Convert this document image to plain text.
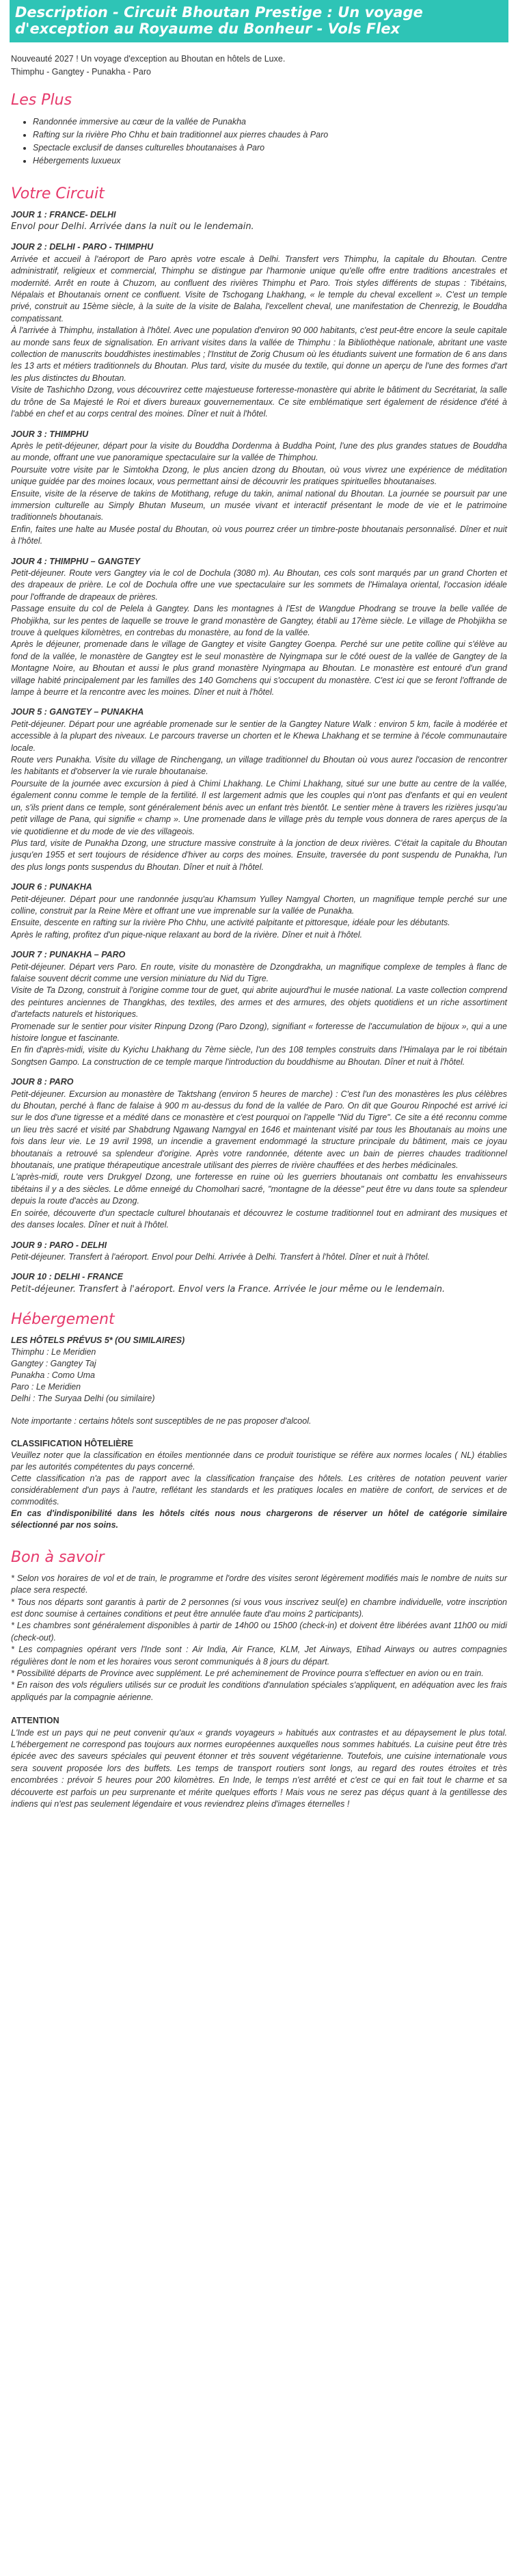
Description - Circuit Bhoutan Prestige : Un voyage d'exception au Royaume du Bonheur - Vols Flex

Nouveauté 2027 ! Un voyage d'exception au Bhoutan en hôtels de Luxe.

Thimphu - Gangtey - Punakha - Paro

Les Plus
• Randonnée immersive au cœur de la vallée de Punakha
• Rafting sur la rivière Pho Chhu et bain traditionnel aux pierres chaudes à Paro
• Spectacle exclusif de danses culturelles bhoutanaises à Paro
• Hébergements luxueux
Votre Circuit

JOUR 1 : FRANCE- DELHI

Envol pour Delhi. Arrivée dans la nuit ou le lendemain.

JOUR 2 : DELHI - PARO - THIMPHU

Arrivée et accueil à l'aéroport de Paro après votre escale à Delhi. Transfert vers Thimphu, la capitale du Bhoutan. Centre administratif, religieux et commercial, Thimphu se distingue par l'harmonie unique qu'elle offre entre traditions ancestrales et modernité. Arrêt en route à Chuzom, au confluent des rivières Thimphu et Paro. Trois styles différents de stupas : Tibétains, Népalais et Bhoutanais ornent ce confluent. Visite de Tschogang Lhakhang, « le temple du cheval excellent ». C'est un temple privé, construit au 15ème siècle, à la suite de la visite de Balaha, l'excellent cheval, une manifestation de Chenrezig, le Bouddha compatissant.

À l'arrivée à Thimphu, installation à l'hôtel. Avec une population d'environ 90 000 habitants, c'est peut-être encore la seule capitale au monde sans feux de signalisation. En arrivant visites dans la vallée de Thimphu : la Bibliothèque nationale, abritant une vaste collection de manuscrits bouddhistes inestimables ; l'Institut de Zorig Chusum où les étudiants suivent une formation de 6 ans dans les 13 arts et métiers traditionnels du Bhoutan. Plus tard, visite du musée du textile, qui donne un aperçu de l'une des formes d'art les plus distinctes du Bhoutan.

Visite de Tashichho Dzong, vous découvrirez cette majestueuse forteresse-monastère qui abrite le bâtiment du Secrétariat, la salle du trône de Sa Majesté le Roi et divers bureaux gouvernementaux. Ce site emblématique sert également de résidence d'été à l'abbé en chef et au corps central des moines. Dîner et nuit à l'hôtel.

JOUR 3 : THIMPHU

Après le petit-déjeuner, départ pour la visite du Bouddha Dordenma à Buddha Point, l'une des plus grandes statues de Bouddha au monde, offrant une vue panoramique spectaculaire sur la vallée de Thimphou.

Poursuite votre visite par le Simtokha Dzong, le plus ancien dzong du Bhoutan, où vous vivrez une expérience de méditation unique guidée par des moines locaux, vous permettant ainsi de découvrir les pratiques spirituelles bhoutanaises.

Ensuite, visite de la réserve de takins de Motithang, refuge du takin, animal national du Bhoutan. La journée se poursuit par une immersion culturelle au Simply Bhutan Museum, un musée vivant et interactif présentant le mode de vie et le patrimoine traditionnels bhoutanais.

Enfin, faites une halte au Musée postal du Bhoutan, où vous pourrez créer un timbre-poste bhoutanais personnalisé. Dîner et nuit à l'hôtel.

JOUR 4 : THIMPHU – GANGTEY

Petit-déjeuner. Route vers Gangtey via le col de Dochula (3080 m). Au Bhoutan, ces cols sont marqués par un grand Chorten et des drapeaux de prière. Le col de Dochula offre une vue spectaculaire sur les sommets de l'Himalaya oriental, l'occasion idéale pour l'offrande de drapeaux de prières.

Passage ensuite du col de Pelela à Gangtey. Dans les montagnes à l'Est de Wangdue Phodrang se trouve la belle vallée de Phobjikha, sur les pentes de laquelle se trouve le grand monastère de Gangtey, établi au 17ème siècle. Le village de Phobjikha se trouve à quelques kilomètres, en contrebas du monastère, au fond de la vallée.

Après le déjeuner, promenade dans le village de Gangtey et visite Gangtey Goenpa. Perché sur une petite colline qui s'élève au fond de la vallée, le monastère de Gangtey est le seul monastère de Nyingmapa sur le côté ouest de la vallée de Gangtey de la Montagne Noire, au Bhoutan et aussi le plus grand monastère Nyingmapa au Bhoutan. Le monastère est entouré d'un grand village habité principalement par les familles des 140 Gomchens qui s'occupent du monastère. C'est ici que se feront l'offrande de lampe à beurre et la rencontre avec les moines. Dîner et nuit à l'hôtel.

JOUR 5 : GANGTEY – PUNAKHA

Petit-déjeuner. Départ pour une agréable promenade sur le sentier de la Gangtey Nature Walk : environ 5 km, facile à modérée et accessible à la plupart des niveaux. Le parcours traverse un chorten et le Khewa Lhakhang et se termine à l'école communautaire locale.

Route vers Punakha. Visite du village de Rinchengang, un village traditionnel du Bhoutan où vous aurez l'occasion de rencontrer les habitants et d'observer la vie rurale bhoutanaise.

Poursuite de la journée avec excursion à pied à Chimi Lhakhang. Le Chimi Lhakhang, situé sur une butte au centre de la vallée, également connu comme le temple de la fertilité. Il est largement admis que les couples qui n'ont pas d'enfants et qui en veulent un, s'ils prient dans ce temple, sont généralement bénis avec un enfant très bientôt. Le sentier mène à travers les rizières jusqu'au petit village de Pana, qui signifie « champ ». Une promenade dans le village près du temple vous donnera de rares aperçus de la vie quotidienne et du mode de vie des villageois.

Plus tard, visite de Punakha Dzong, une structure massive construite à la jonction de deux rivières. C'était la capitale du Bhoutan jusqu'en 1955 et sert toujours de résidence d'hiver au corps des moines. Ensuite, traversée du pont suspendu de Punakha, l'un des plus longs ponts suspendus du Bhoutan. Dîner et nuit à l'hôtel.

JOUR 6 : PUNAKHA

Petit-déjeuner. Départ pour une randonnée jusqu'au Khamsum Yulley Namgyal Chorten, un magnifique temple perché sur une colline, construit par la Reine Mère et offrant une vue imprenable sur la vallée de Punakha.

Ensuite, descente en rafting sur la rivière Pho Chhu, une activité palpitante et pittoresque, idéale pour les débutants.

Après le rafting, profitez d'un pique-nique relaxant au bord de la rivière. Dîner et nuit à l'hôtel.

JOUR 7 : PUNAKHA – PARO

Petit-déjeuner. Départ vers Paro. En route, visite du monastère de Dzongdrakha, un magnifique complexe de temples à flanc de falaise souvent décrit comme une version miniature du Nid du Tigre.

Visite de Ta Dzong, construit à l'origine comme tour de guet, qui abrite aujourd'hui le musée national. La vaste collection comprend des peintures anciennes de Thangkhas, des textiles, des armes et des armures, des objets quotidiens et un riche assortiment d'artefacts naturels et historiques.

Promenade sur le sentier pour visiter Rinpung Dzong (Paro Dzong), signifiant « forteresse de l'accumulation de bijoux », qui a une histoire longue et fascinante.

En fin d'après-midi, visite du Kyichu Lhakhang du 7ème siècle, l'un des 108 temples construits dans l'Himalaya par le roi tibétain Songtsen Gampo. La construction de ce temple marque l'introduction du bouddhisme au Bhoutan. Dîner et nuit à l'hôtel.

JOUR 8 : PARO

Petit-déjeuner. Excursion au monastère de Taktshang (environ 5 heures de marche) : C'est l'un des monastères les plus célèbres du Bhoutan, perché à flanc de falaise à 900 m au-dessus du fond de la vallée de Paro. On dit que Gourou Rinpoché est arrivé ici sur le dos d'une tigresse et a médité dans ce monastère et c'est pourquoi on l'appelle "Nid du Tigre". Ce site a été reconnu comme un lieu très sacré et visité par Shabdrung Ngawang Namgyal en 1646 et maintenant visité par tous les Bhoutanais au moins une fois dans leur vie. Le 19 avril 1998, un incendie a gravement endommagé la structure principale du bâtiment, mais ce joyau bhoutanais a retrouvé sa splendeur d'origine. Après votre randonnée, détente avec un bain de pierres chaudes traditionnel bhoutanais, une pratique thérapeutique ancestrale utilisant des pierres de rivière chauffées et des herbes médicinales.

L'après-midi, route vers Drukgyel Dzong, une forteresse en ruine où les guerriers bhoutanais ont combattu les envahisseurs tibétains il y a des siècles. Le dôme enneigé du Chomolhari sacré, "montagne de la déesse" peut être vu dans toute sa splendeur depuis la route d'accès au Dzong.

En soirée, découverte d'un spectacle culturel bhoutanais et découvrez le costume traditionnel tout en admirant des musiques et des danses locales. Dîner et nuit à l'hôtel.

JOUR 9 : PARO - DELHI

Petit-déjeuner. Transfert à l'aéroport. Envol pour Delhi. Arrivée à Delhi. Transfert à l'hôtel. Dîner et nuit à l'hôtel.

JOUR 10 : DELHI - FRANCE

Petit-déjeuner. Transfert à l'aéroport. Envol vers la France. Arrivée le jour même ou le lendemain.

Hébergement

LES HÔTELS PRÉVUS 5* (OU SIMILAIRES)

Thimphu : Le Meridien

Gangtey : Gangtey Taj

Punakha : Como Uma

Paro : Le Meridien

Delhi : The Suryaa Delhi (ou similaire)

Note importante : certains hôtels sont susceptibles de ne pas proposer d'alcool.

CLASSIFICATION HÔTELIÈRE

Veuillez noter que la classification en étoiles mentionnée dans ce produit touristique se réfère aux normes locales ( NL) établies par les autorités compétentes du pays concerné.

Cette classification n'a pas de rapport avec la classification française des hôtels. Les critères de notation peuvent varier considérablement d'un pays à l'autre, reflétant les standards et les pratiques locales en matière de confort, de services et de commodités.

En cas d'indisponibilité dans les hôtels cités nous nous chargerons de réserver un hôtel de catégorie similaire sélectionné par nos soins.

Bon à savoir

* Selon vos horaires de vol et de train, le programme et l'ordre des visites seront légèrement modifiés mais le nombre de nuits sur place sera respecté.

* Tous nos départs sont garantis à partir de 2 personnes (si vous vous inscrivez seul(e) en chambre individuelle, votre inscription est donc soumise à certaines conditions et peut être annulée faute d'au moins 2 participants).

* Les chambres sont généralement disponibles à partir de 14h00 ou 15h00 (check-in) et doivent être libérées avant 11h00 ou midi (check-out).

* Les compagnies opérant vers l'Inde sont : Air India, Air France, KLM, Jet Airways, Etihad Airways ou autres compagnies régulières dont le nom et les horaires vous seront communiqués à 8 jours du départ.

* Possibilité départs de Province avec supplément. Le pré acheminement de Province pourra s'effectuer en avion ou en train.

* En raison des vols réguliers utilisés sur ce produit les conditions d'annulation spéciales s'appliquent, en adéquation avec les frais appliqués par la compagnie aérienne.

ATTENTION

L'Inde est un pays qui ne peut convenir qu'aux « grands voyageurs » habitués aux contrastes et au dépaysement le plus total. L'hébergement ne correspond pas toujours aux normes européennes auxquelles nous sommes habitués. La cuisine peut être très épicée avec des saveurs spéciales qui peuvent étonner et très souvent végétarienne. Toutefois, une cuisine internationale vous sera souvent proposée lors des buffets. Les temps de transport routiers sont longs, au regard des routes étroites et très encombrées : prévoir 5 heures pour 200 kilomètres. En Inde, le temps n'est arrêté et c'est ce qui en fait tout le charme et sa découverte est parfois un peu surprenante et mérite quelques efforts ! Mais vous ne serez pas déçus quant à la gentillesse des indiens qui n'est pas seulement légendaire et vous reviendrez pleins d'images éternelles !
